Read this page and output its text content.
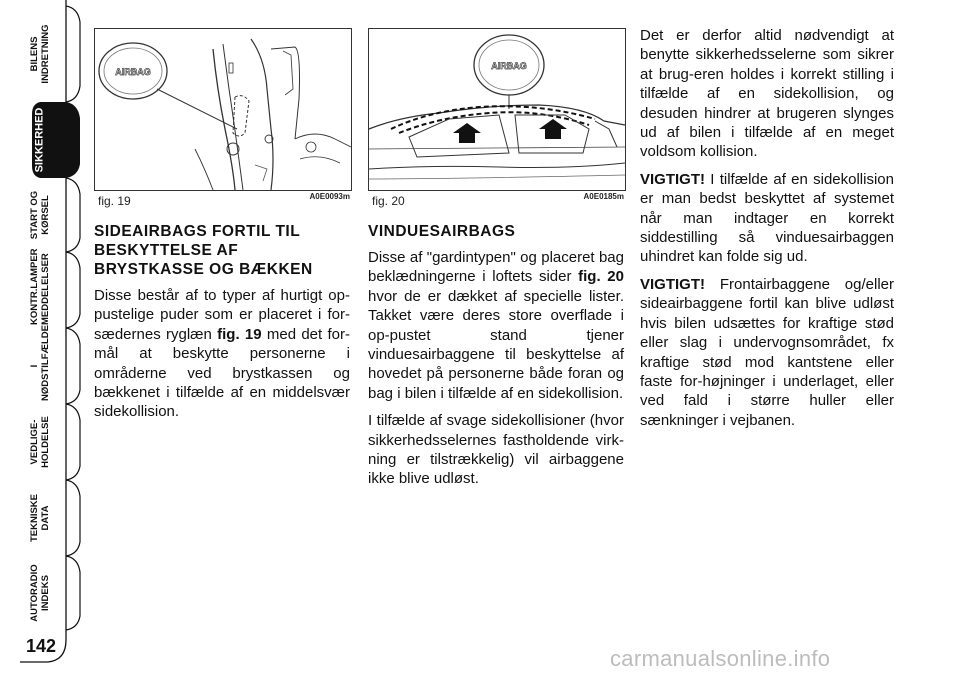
BILENS
INDRETNING
SIKKERHED
START OG
KØRSEL
KONTR.LAMPER
MEDDELELSER
I NØDSTILFÆLDE
VEDLIGE-
HOLDELSE
TEKNISKE DATA
AUTORADIO
INDEKS
142
AIRBAG
fig. 19	A0E0093m
AIRBAG
fig. 20	A0E0185m
SIDEAIRBAGS FORTIL TIL BESKYTTELSE AF BRYSTKASSE OG BÆKKEN

Disse består af to typer af hurtigt op-pustelige puder som er placeret i for-sædernes ryglæn fig. 19 med det for-mål at beskytte personerne i områderne ved brystkassen og bækkenet i tilfælde af en middelsvær sidekollision.

VINDUESAIRBAGS

Disse af "gardintypen" og placeret bag beklædningerne i loftets sider fig. 20 hvor de er dækket af specielle lister. Takket være deres store overflade i op-pustet stand tjener vinduesairbaggene til beskyttelse af hovedet på personerne både foran og bag i bilen i tilfælde af en sidekollision.

I tilfælde af svage sidekollisioner (hvor sikkerhedsselernes fastholdende virk-ning er tilstrækkelig) vil airbaggene ikke blive udløst.

Det er derfor altid nødvendigt at benytte sikkerhedsselerne som sikrer at brug-eren holdes i korrekt stilling i tilfælde af en sidekollision, og desuden hindrer at brugeren slynges ud af bilen i tilfælde af en meget voldsom kollision.

VIGTIGT! I tilfælde af en sidekollision er man bedst beskyttet af systemet når man indtager en korrekt siddestilling så vinduesairbaggen uhindret kan folde sig ud.

VIGTIGT! Frontairbaggene og/eller sideairbaggene fortil kan blive udløst hvis bilen udsættes for kraftige stød eller slag i undervognsområdet, fx kraftige stød mod kantstene eller faste for-højninger i underlaget, eller ved fald i større huller eller sænkninger i vejbanen.

carmanualsonline.info
